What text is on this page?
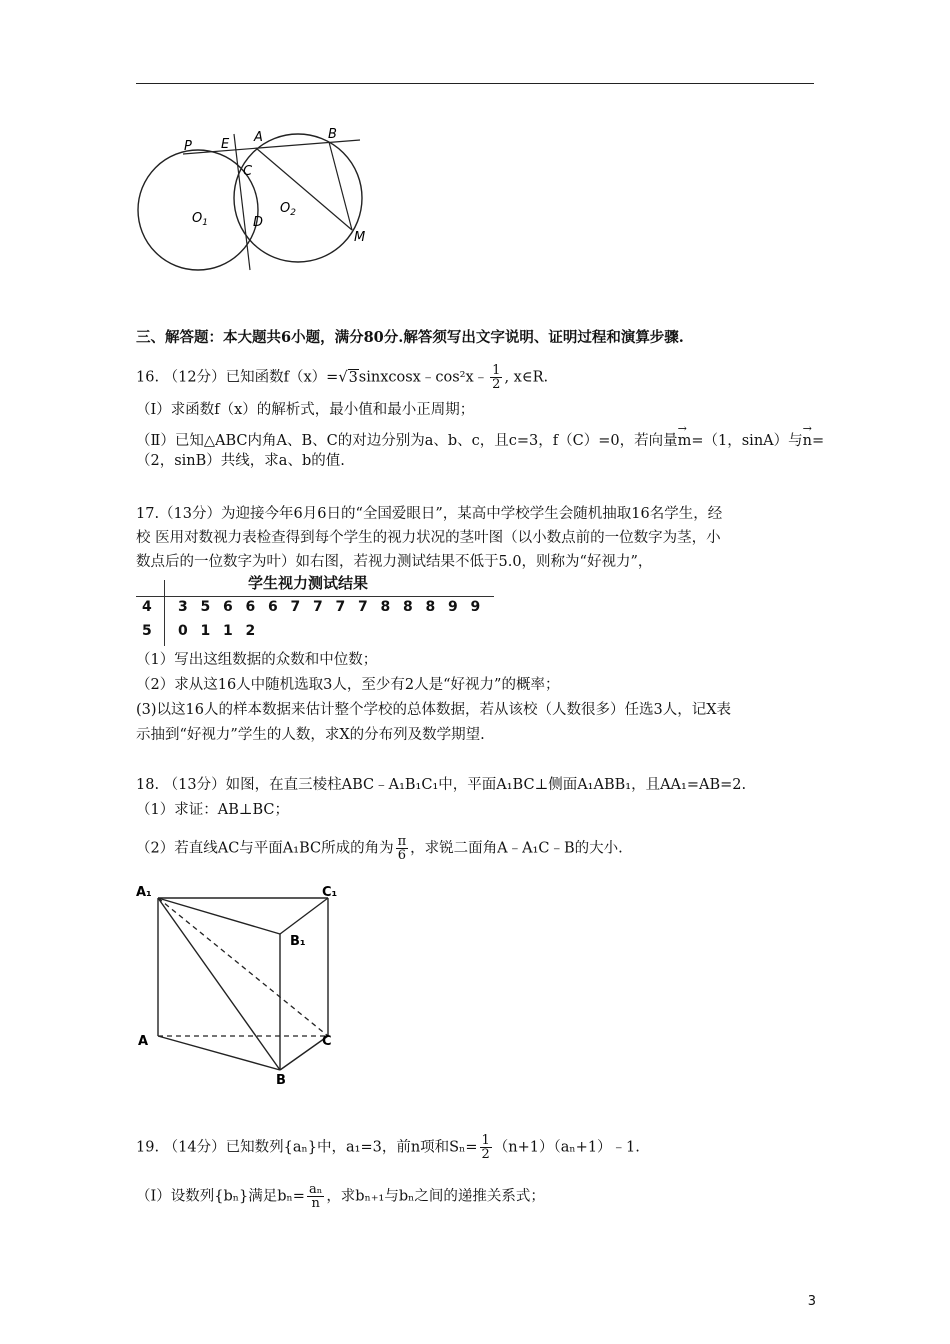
P E A	B
C
$O_1$
$O_2$
D
M
三、解答题：本大题共6小题，满分80分.解答须写出文字说明、证明过程和演算步骤.
16. （12分）已知函数f（x）=√3sinxcosx﹣cos²x﹣ $\frac{1}{2}$ , x∈R.
（Ⅰ）求函数f（x）的解析式，最小值和最小正周期；
（Ⅱ）已知△ABC内角A、B、C的对边分别为a、b、c，且c=3，f（C）=0，若向量→ m=（1，sinA）与→ n=
（2，sinB）共线，求a、b的值.
17.（13分）为迎接今年6月6日的“全国爱眼日”，某高中学校学生会随机抽取16名学生，经
校 医用对数视力表检查得到每个学生的视力状况的茎叶图（以小数点前的一位数字为茎，小
数点后的一位数字为叶）如右图，若视力测试结果不低于5.0，则称为“好视力”，
学生视力测试结果
4 3 5 6 6 6 7 7 7 7 8 8 8 9 9
5 0 1 1 2
（1）写出这组数据的众数和中位数；
（2）求从这16人中随机选取3人，至少有2人是“好视力”的概率；
(3)以这16人的样本数据来估计整个学校的总体数据，若从该校（人数很多）任选3人，记X表
示抽到“好视力”学生的人数，求X的分布列及数学期望.
18. （13分）如图，在直三棱柱ABC﹣A₁B₁C₁中，平面A₁BC⊥侧面A₁ABB₁，且AA₁=AB=2.
（1）求证：AB⊥BC；
（2）若直线AC与平面A₁BC所成的角为 $\frac{\pi}{6}$ ，求锐二面角A﹣A₁C﹣B的大小.
A₁	C₁
B₁
A
B
C
19. （14分）已知数列{aₙ}中，a₁=3，前n项和$S_n= \frac{1}{2}$ （n+1）（aₙ+1）﹣1.
（Ⅰ）设数列{bₙ}满足$b_n= \frac{\text{aₙ}}{n}$ ，求bₙ₊₁与bₙ之间的递推关系式；
3
